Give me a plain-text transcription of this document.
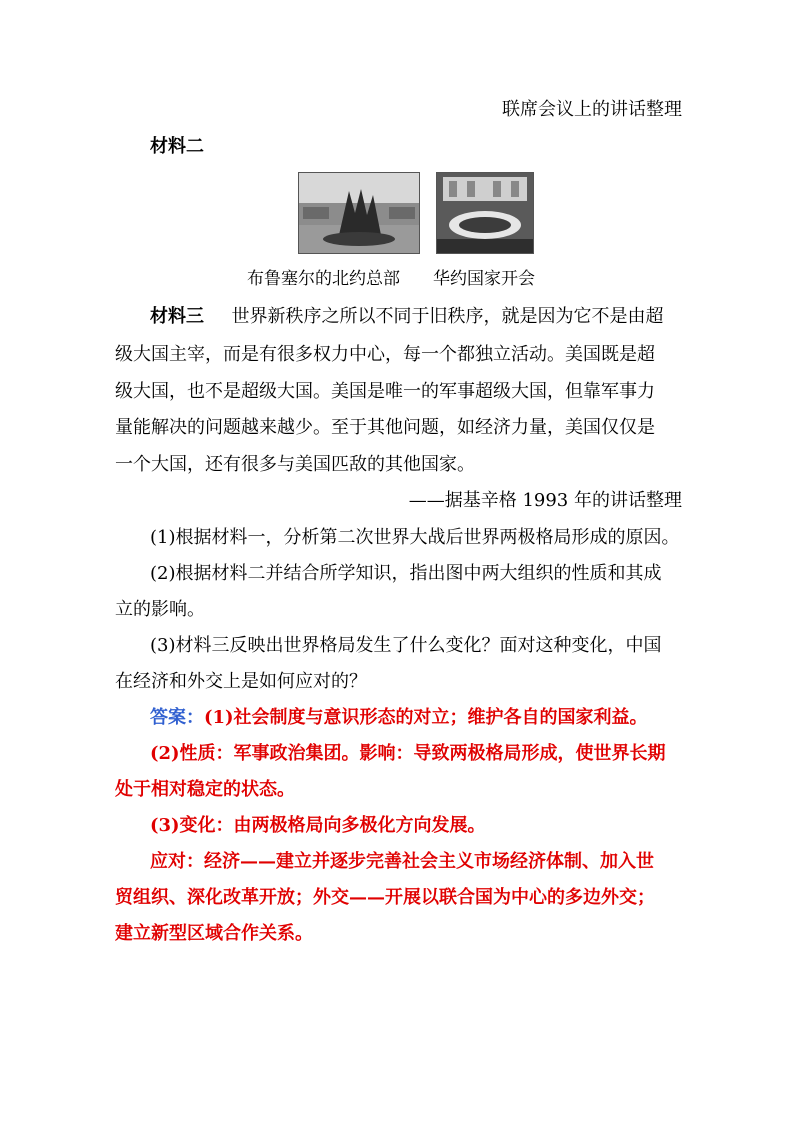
联席会议上的讲话整理
材料二
布鲁塞尔的北约总部 华约国家开会
材料三 世界新秩序之所以不同于旧秩序，就是因为它不是由超
级大国主宰，而是有很多权力中心，每一个都独立活动。美国既是超
级大国，也不是超级大国。美国是唯一的军事超级大国，但靠军事力
量能解决的问题越来越少。至于其他问题，如经济力量，美国仅仅是
一个大国，还有很多与美国匹敌的其他国家。
——据基辛格 1993 年的讲话整理
(1)根据材料一，分析第二次世界大战后世界两极格局形成的原因。
(2)根据材料二并结合所学知识，指出图中两大组织的性质和其成
立的影响。
(3)材料三反映出世界格局发生了什么变化？面对这种变化，中国
在经济和外交上是如何应对的？
答案：(1)社会制度与意识形态的对立；维护各自的国家利益。
(2)性质：军事政治集团。影响：导致两极格局形成，使世界长期
处于相对稳定的状态。
(3)变化：由两极格局向多极化方向发展。
应对：经济——建立并逐步完善社会主义市场经济体制、加入世
贸组织、深化改革开放；外交——开展以联合国为中心的多边外交；
建立新型区域合作关系。
